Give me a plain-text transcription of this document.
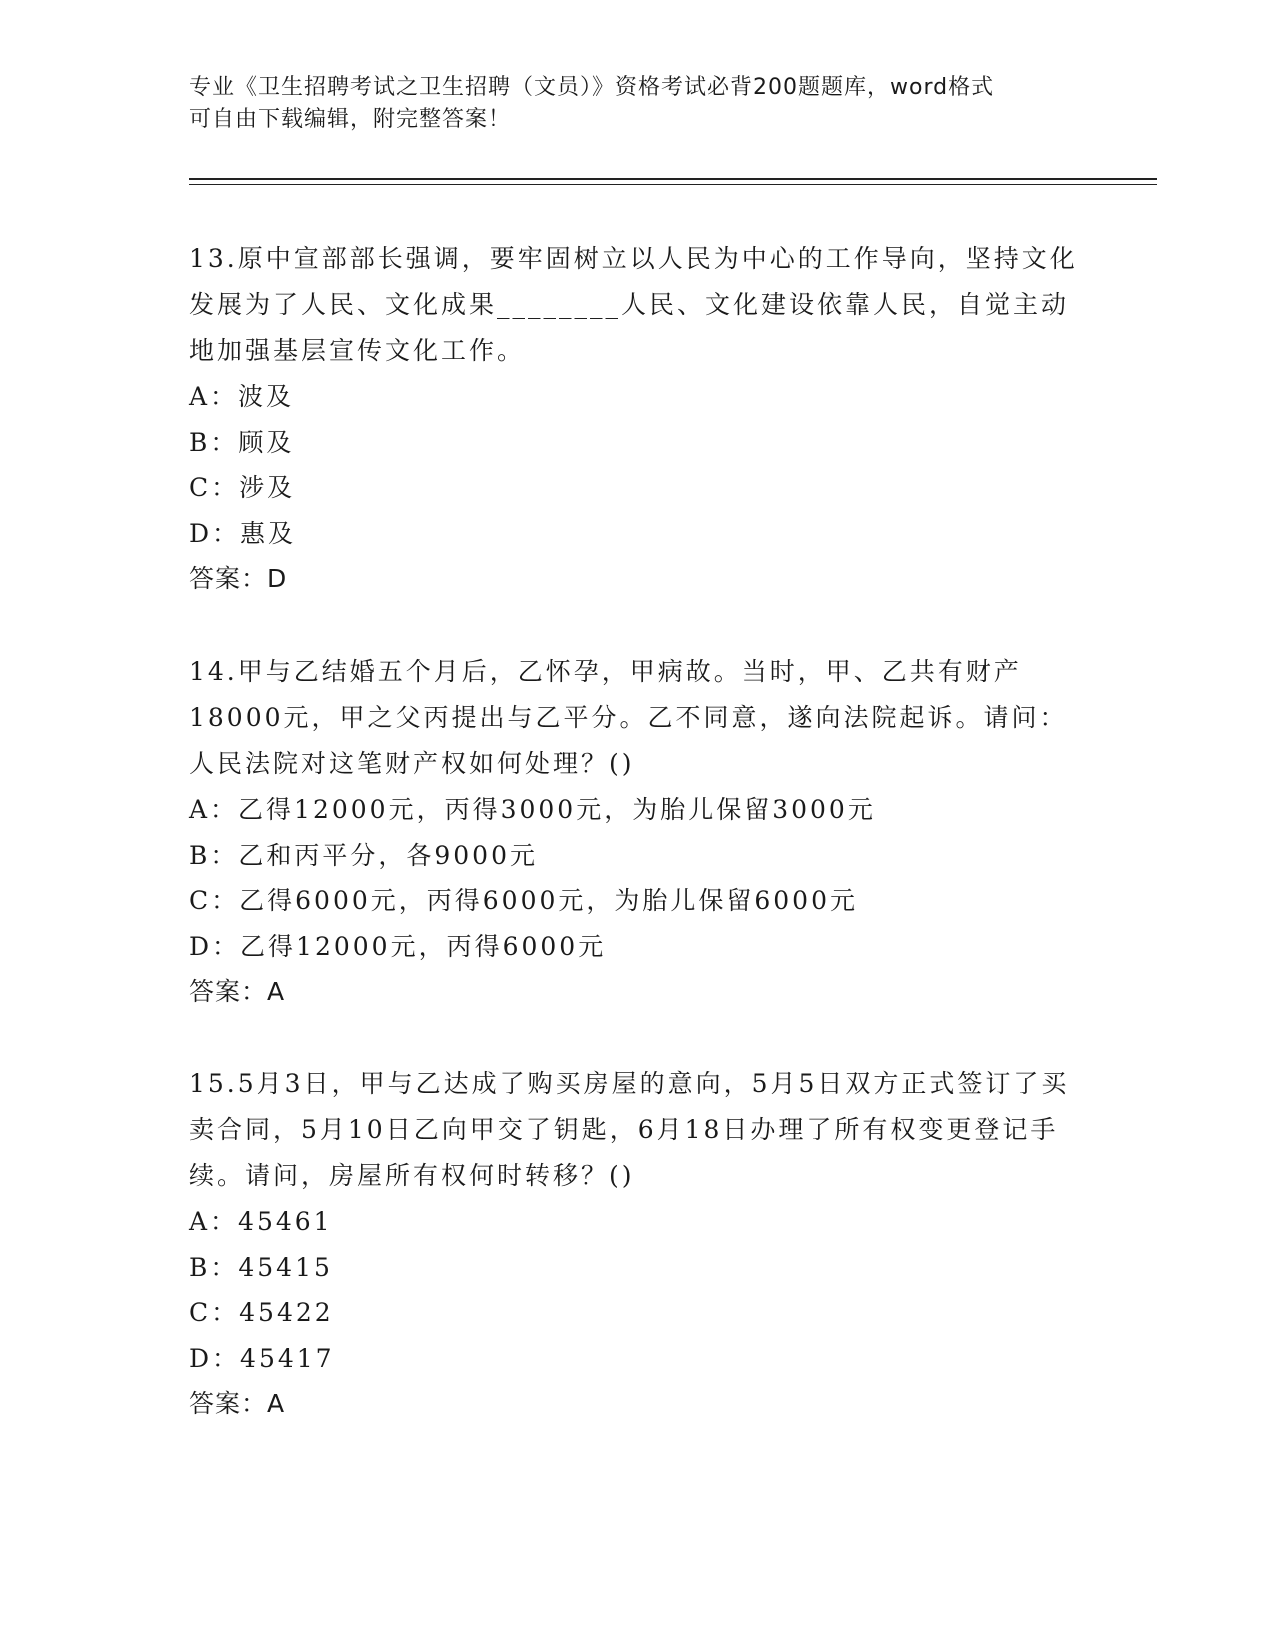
专业《卫生招聘考试之卫生招聘（文员）》资格考试必背200题题库，word格式
可自由下载编辑，附完整答案！

13.原中宣部部长强调，要牢固树立以人民为中心的工作导向，坚持文化发展为了人民、文化成果________人民、文化建设依靠人民，自觉主动地加强基层宣传文化工作。

A：波及

B：顾及

C：涉及

D：惠及

答案：D

14.甲与乙结婚五个月后，乙怀孕，甲病故。当时，甲、乙共有财产18000元，甲之父丙提出与乙平分。乙不同意，遂向法院起诉。请问：人民法院对这笔财产权如何处理？()

A：乙得12000元，丙得3000元，为胎儿保留3000元

B：乙和丙平分，各9000元

C：乙得6000元，丙得6000元，为胎儿保留6000元

D：乙得12000元，丙得6000元

答案：A

15.5月3日，甲与乙达成了购买房屋的意向，5月5日双方正式签订了买卖合同，5月10日乙向甲交了钥匙，6月18日办理了所有权变更登记手续。请问，房屋所有权何时转移？()

A：45461

B：45415

C：45422

D：45417

答案：A
